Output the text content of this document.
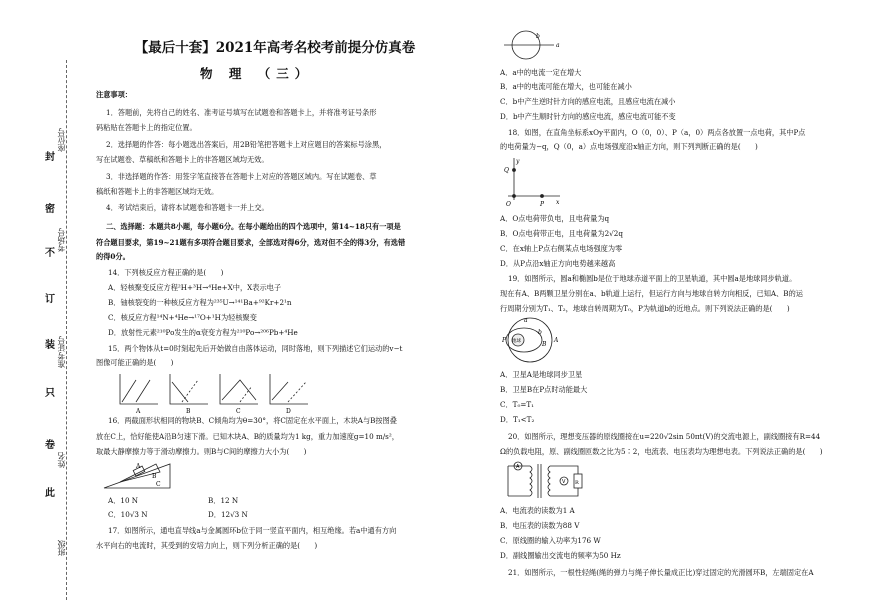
封
密
不
订
装
只
卷
此
座位号
考场号
准考证号
姓名
班级
【最后十套】2021年高考名校考前提分仿真卷
物 理 （三）
注意事项：
1．答题前，先将自己的姓名、准考证号填写在试题卷和答题卡上，并将准考证号条形
码粘贴在答题卡上的指定位置。
2．选择题的作答：每小题选出答案后，用2B铅笔把答题卡上对应题目的答案标号涂黑，
写在试题卷、草稿纸和答题卡上的非答题区域均无效。
3．非选择题的作答：用签字笔直接答在答题卡上对应的答题区域内。写在试题卷、草
稿纸和答题卡上的非答题区域均无效。
4．考试结束后，请将本试题卷和答题卡一并上交。
二、选择题：本题共8小题，每小题6分。在每小题给出的四个选项中，第14~18只有一项是
符合题目要求，第19~21题有多项符合题目要求，全部选对得6分，选对但不全的得3分，有选错
的得0分。
14．下列核反应方程正确的是(　　)
A．轻核聚变反应方程²H+³H→⁴He+X中，X表示电子
B．铀核裂变的一种核反应方程为²³⁵U→¹⁴¹Ba+⁹²Kr+2¹n
C．核反应方程¹⁴N+⁴He→¹⁷O+¹H为轻核聚变
D．放射性元素²¹⁰Po发生的α衰变方程为²¹⁰Po→²⁰⁶Pb+⁴He
15．两个物体从t=0时刻起先后开始做自由落体运动，同时落地，则下列描述它们运动的v−t
图像可能正确的是(　　)
16．两截面形状相同的物块B、C倾角均为θ=30°，将C固定在水平面上，木块A与B按图叠
放在C上，恰好能使A沿B匀速下滑。已知木块A、B的质量均为1 kg，重力加速度g=10 m/s²，
取最大静摩擦力等于滑动摩擦力。则B与C间的摩擦力大小为(　　)
A．10 N	B．12 N
C．10√3 N	D．12√3 N
17．如图所示，通电直导线a与金属圆环b位于同一竖直平面内，相互绝缘。若a中通有方向
水平向右的电流时，其受到的安培力向上，则下列分析正确的是(　　)
A	B	C	D
A
B
C
A．a中的电流一定在增大
B．a中的电流可能在增大，也可能在减小
C．b中产生逆时针方向的感应电流，且感应电流在减小
D．b中产生顺时针方向的感应电流，感应电流可能不变
18．如图，在直角坐标系xOy平面内，O（0，0）、P（a，0）两点各放置一点电荷，其中P点
的电荷量为−q，Q（0，a）点电场强度沿x轴正方向，则下列判断正确的是(　　)
A．O点电荷带负电，且电荷量为q
B．O点电荷带正电，且电荷量为2√2q
C．在x轴上P点右侧某点电场强度为零
D．从P点沿x轴正方向电势越来越高
19．如图所示，圆a和椭圆b是位于地球赤道平面上的卫星轨道，其中圆a是地球同步轨道。
现在有A、B两颗卫星分别在a、b轨道上运行，但运行方向与地球自转方向相反，已知A、B的运
行周期分别为T₁、T₂，地球自转周期为T₀，P为轨道b的近地点。则下列说法正确的是(　　)
A．卫星A是地球同步卫星
B．卫星B在P点时动能最大
C．T₀=T₁
D．T₁<T₂
20．如图所示，理想变压器的原线圈接在u=220√2sin 50πt(V)的交流电源上，副线圈接有R=44
Ω的负载电阻，原、副线圈匝数之比为5∶2，电流表、电压表均为理想电表。下列说法正确的是(　　)
A．电流表的读数为1 A
B．电压表的读数为88 V
C．原线圈的输入功率为176 W
D．副线圈输出交流电的频率为50 Hz
21．如图所示，一根性轻绳(绳的弹力与绳子伸长量成正比)穿过固定的光滑圆环B，左端固定在A
b
a
y
Q
O	P x
a
b
地球
P
B
A
A
V R
